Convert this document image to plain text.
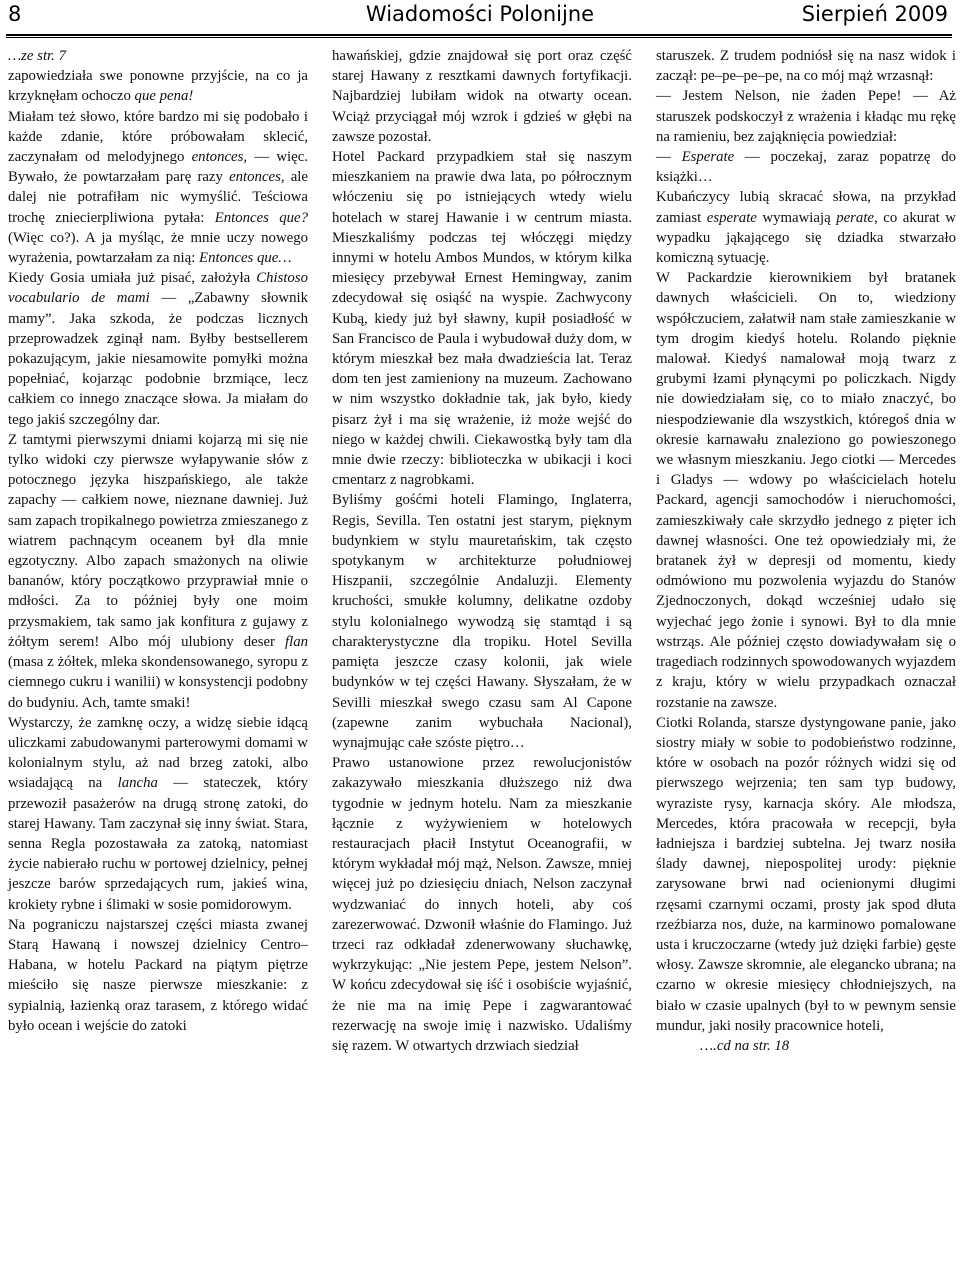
8	Wiadomości Polonijne	Sierpień 2009

…ze str. 7

zapowiedziała swe ponowne przyjście, na co ja krzyknęłam ochoczo que pena!

Miałam też słowo, które bardzo mi się podobało i każde zdanie, które próbowałam sklecić, zaczynałam od melodyjnego entonces, — więc. Bywało, że powtarzałam parę razy entonces, ale dalej nie potrafiłam nic wymyślić. Teściowa trochę zniecierpliwiona pytała: Entonces que? (Więc co?). A ja myśląc, że mnie uczy nowego wyrażenia, powtarzałam za nią: Entonces que…

Kiedy Gosia umiała już pisać, założyła Chistoso vocabulario de mami — „Zabawny słownik mamy”. Jaka szkoda, że podczas licznych przeprowadzek zginął nam. Byłby bestsellerem pokazującym, jakie niesamowite pomyłki można popełniać, kojarząc podobnie brzmiące, lecz całkiem co innego znaczące słowa. Ja miałam do tego jakiś szczególny dar.

Z tamtymi pierwszymi dniami kojarzą mi się nie tylko widoki czy pierwsze wyłapywanie słów z potocznego języka hiszpańskiego, ale także zapachy — całkiem nowe, nieznane dawniej. Już sam zapach tropikalnego powietrza zmieszanego z wiatrem pachnącym oceanem był dla mnie egzotyczny. Albo zapach smażonych na oliwie bananów, który początkowo przyprawiał mnie o mdłości. Za to później były one moim przysmakiem, tak samo jak konfitura z gujawy z żółtym serem! Albo mój ulubiony deser flan (masa z żółtek, mleka skondensowanego, syropu z ciemnego cukru i wanilii) w konsystencji podobny do budyniu. Ach, tamte smaki!

Wystarczy, że zamknę oczy, a widzę siebie idącą uliczkami zabudowanymi parterowymi domami w kolonialnym stylu, aż nad brzeg zatoki, albo wsiadającą na lancha — stateczek, który przewoził pasażerów na drugą stronę zatoki, do starej Hawany. Tam zaczynał się inny świat. Stara, senna Regla pozostawała za zatoką, natomiast życie nabierało ruchu w portowej dzielnicy, pełnej jeszcze barów sprzedających rum, jakieś wina, krokiety rybne i ślimaki w sosie pomidorowym.

Na pograniczu najstarszej części miasta zwanej Starą Hawaną i nowszej dzielnicy Centro–Habana, w hotelu Packard na piątym piętrze mieściło się nasze pierwsze mieszkanie: z sypialnią, łazienką oraz tarasem, z którego widać było ocean i wejście do zatoki

hawańskiej, gdzie znajdował się port oraz część starej Hawany z resztkami dawnych fortyfikacji. Najbardziej lubiłam widok na otwarty ocean. Wciąż przyciągał mój wzrok i gdzieś w głębi na zawsze pozostał.

Hotel Packard przypadkiem stał się naszym mieszkaniem na prawie dwa lata, po półrocznym włóczeniu się po istniejących wtedy wielu hotelach w starej Hawanie i w centrum miasta. Mieszkaliśmy podczas tej włóczęgi między innymi w hotelu Ambos Mundos, w którym kilka miesięcy przebywał Ernest Hemingway, zanim zdecydował się osiąść na wyspie. Zachwycony Kubą, kiedy już był sławny, kupił posiadłość w San Francisco de Paula i wybudował duży dom, w którym mieszkał bez mała dwadzieścia lat. Teraz dom ten jest zamieniony na muzeum. Zachowano w nim wszystko dokładnie tak, jak było, kiedy pisarz żył i ma się wrażenie, iż może wejść do niego w każdej chwili. Ciekawostką były tam dla mnie dwie rzeczy: biblioteczka w ubikacji i koci cmentarz z nagrobkami.

Byliśmy gośćmi hoteli Flamingo, Inglaterra, Regis, Sevilla. Ten ostatni jest starym, pięknym budynkiem w stylu mauretańskim, tak często spotykanym w architekturze południowej Hiszpanii, szczególnie Andaluzji. Elementy kruchości, smukłe kolumny, delikatne ozdoby stylu kolonialnego wywodzą się stamtąd i są charakterystyczne dla tropiku. Hotel Sevilla pamięta jeszcze czasy kolonii, jak wiele budynków w tej części Hawany. Słyszałam, że w Sevilli mieszkał swego czasu sam Al Capone (zapewne zanim wybuchała Nacional), wynajmując całe szóste piętro…

Prawo ustanowione przez rewolucjonistów zakazywało mieszkania dłuższego niż dwa tygodnie w jednym hotelu. Nam za mieszkanie łącznie z wyżywieniem w hotelowych restauracjach płacił Instytut Oceanografii, w którym wykładał mój mąż, Nelson. Zawsze, mniej więcej już po dziesięciu dniach, Nelson zaczynał wydzwaniać do innych hoteli, aby coś zarezerwować. Dzwonił właśnie do Flamingo. Już trzeci raz odkładał zdenerwowany słuchawkę, wykrzykując: „Nie jestem Pepe, jestem Nelson”. W końcu zdecydował się iść i osobiście wyjaśnić, że nie ma na imię Pepe i zagwarantować rezerwację na swoje imię i nazwisko. Udaliśmy się razem. W otwartych drzwiach siedział

staruszek. Z trudem podniósł się na nasz widok i zaczął: pe–pe–pe–pe, na co mój mąż wrzasnął:

— Jestem Nelson, nie żaden Pepe! — Aż staruszek podskoczył z wrażenia i kładąc mu rękę na ramieniu, bez zająknięcia powiedział:

— Esperate — poczekaj, zaraz popatrzę do książki…

Kubańczycy lubią skracać słowa, na przykład zamiast esperate wymawiają perate, co akurat w wypadku jąkającego się dziadka stwarzało komiczną sytuację.

W Packardzie kierownikiem był bratanek dawnych właścicieli. On to, wiedziony współczuciem, załatwił nam stałe zamieszkanie w tym drogim kiedyś hotelu. Rolando pięknie malował. Kiedyś namalował moją twarz z grubymi łzami płynącymi po policzkach. Nigdy nie dowiedziałam się, co to miało znaczyć, bo niespodziewanie dla wszystkich, któregoś dnia w okresie karnawału znaleziono go powieszonego we własnym mieszkaniu. Jego ciotki — Mercedes i Gladys — wdowy po właścicielach hotelu Packard, agencji samochodów i nieruchomości, zamieszkiwały całe skrzydło jednego z pięter ich dawnej własności. One też opowiedziały mi, że bratanek żył w depresji od momentu, kiedy odmówiono mu pozwolenia wyjazdu do Stanów Zjednoczonych, dokąd wcześniej udało się wyjechać jego żonie i synowi. Był to dla mnie wstrząs. Ale później często dowiadywałam się o tragediach rodzinnych spowodowanych wyjazdem z kraju, który w wielu przypadkach oznaczał rozstanie na zawsze.

Ciotki Rolanda, starsze dystyngowane panie, jako siostry miały w sobie to podobieństwo rodzinne, które w osobach na pozór różnych widzi się od pierwszego wejrzenia; ten sam typ budowy, wyraziste rysy, karnacja skóry. Ale młodsza, Mercedes, która pracowała w recepcji, była ładniejsza i bardziej subtelna. Jej twarz nosiła ślady dawnej, niepospolitej urody: pięknie zarysowane brwi nad ocienionymi długimi rzęsami czarnymi oczami, prosty jak spod dłuta rzeźbiarza nos, duże, na karminowo pomalowane usta i kruczoczarne (wtedy już dzięki farbie) gęste włosy. Zawsze skromnie, ale elegancko ubrana; na czarno w okresie miesięcy chłodniejszych, na biało w czasie upalnych (był to w pewnym sensie mundur, jaki nosiły pracownice hoteli,

….cd na str. 18
